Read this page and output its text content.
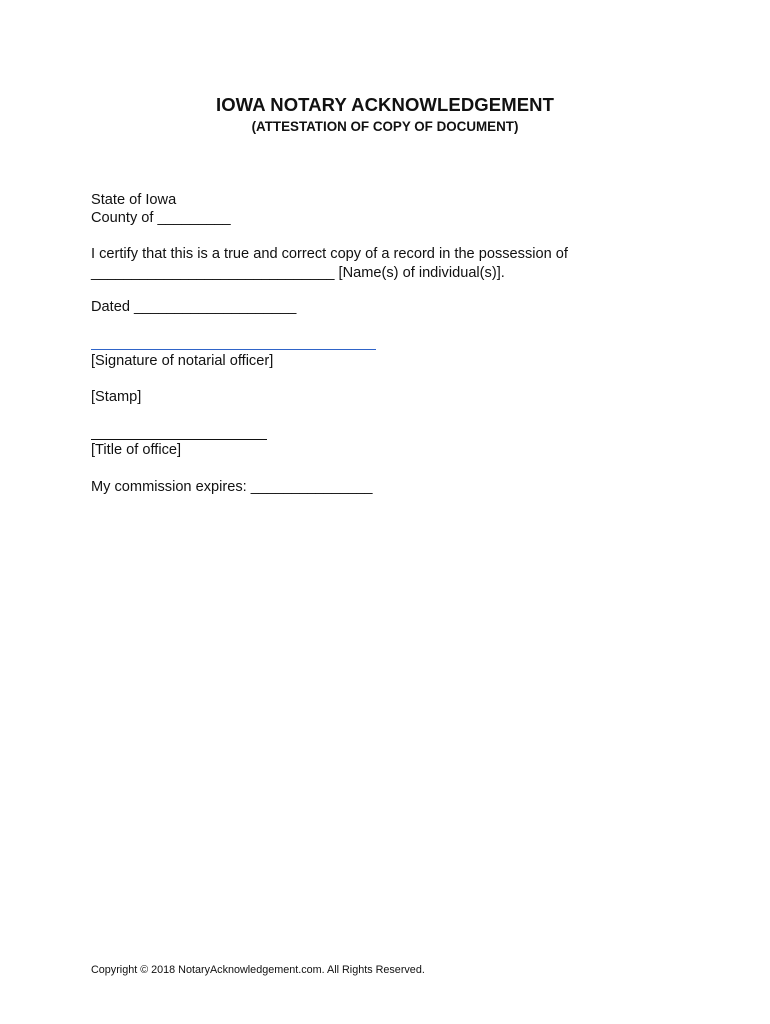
IOWA NOTARY ACKNOWLEDGEMENT
(ATTESTATION OF COPY OF DOCUMENT)
State of Iowa
County of _________
I certify that this is a true and correct copy of a record in the possession of
______________________________ [Name(s) of individual(s)].
Dated ____________________
[Signature of notarial officer]
[Stamp]
[Title of office]
My commission expires: _______________
Copyright © 2018 NotaryAcknowledgement.com. All Rights Reserved.
